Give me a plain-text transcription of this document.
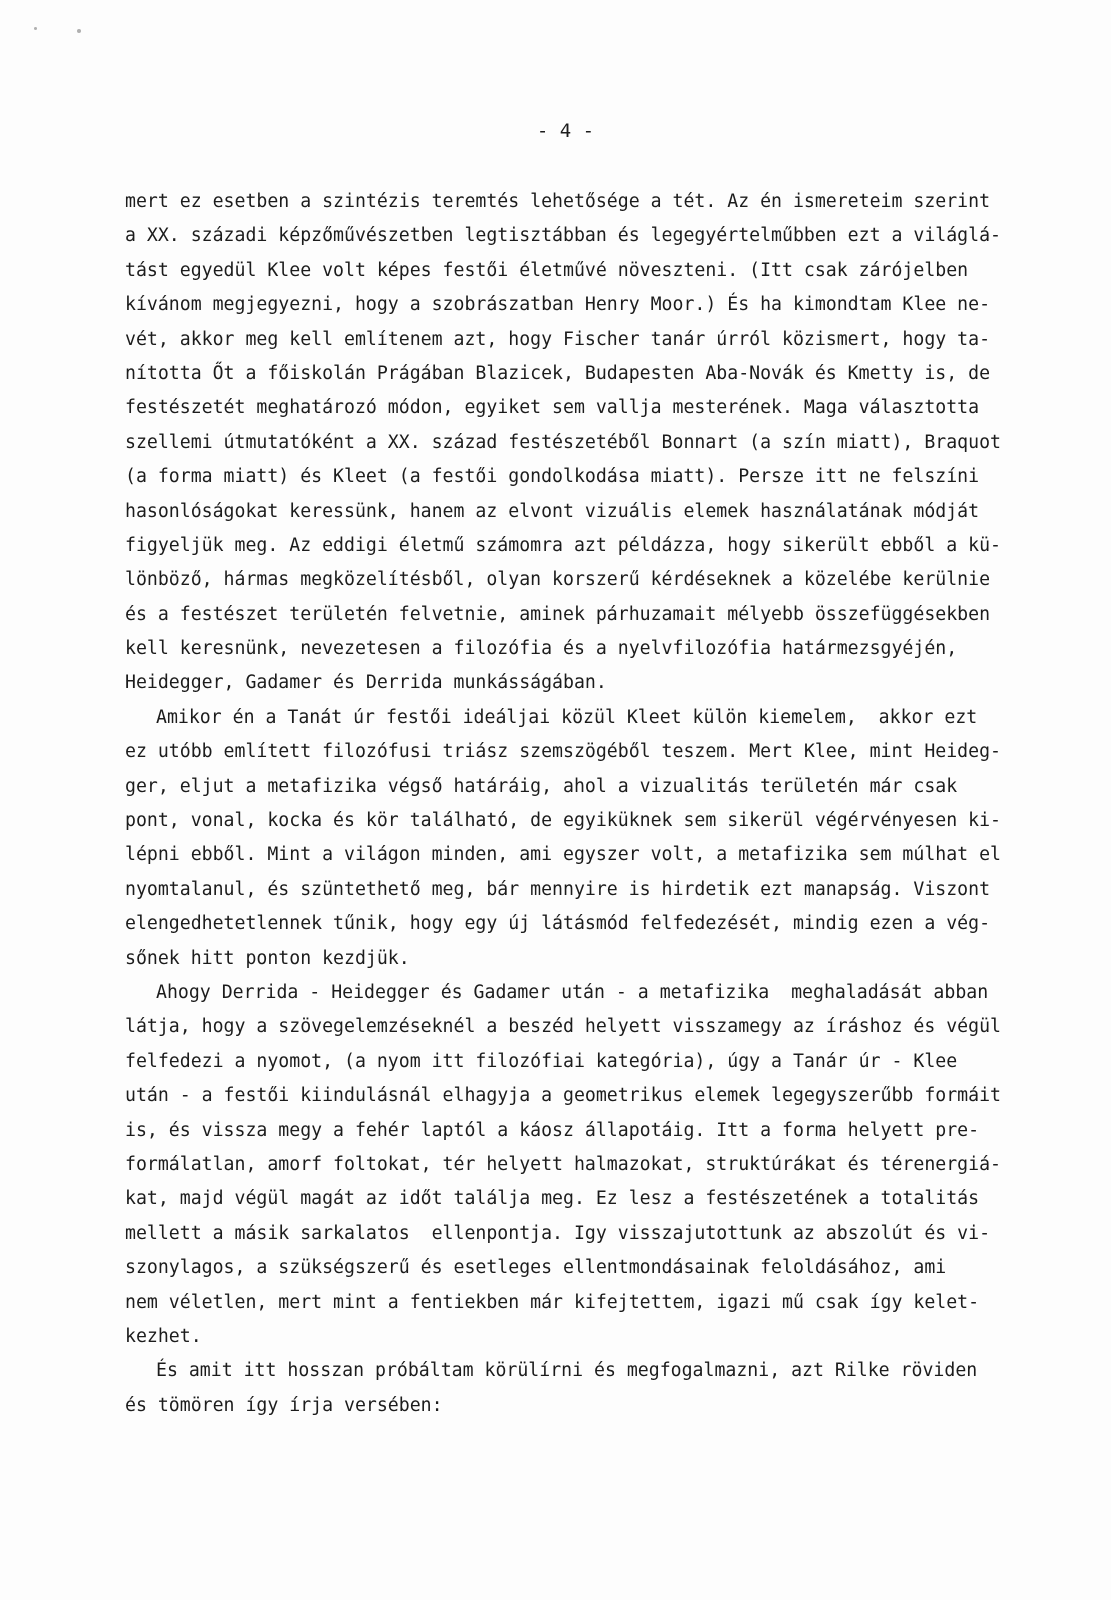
- 4 -
mert ez esetben a szintézis teremtés lehetősége a tét. Az én ismereteim szerint
a XX. századi képzőművészetben legtisztábban és legegyértelműbben ezt a világlá-
tást egyedül Klee volt képes festői életművé növeszteni. (Itt csak zárójelben
kívánom megjegyezni, hogy a szobrászatban Henry Moor.) És ha kimondtam Klee ne-
vét, akkor meg kell említenem azt, hogy Fischer tanár úrról közismert, hogy ta-
nította Őt a főiskolán Prágában Blazicek, Budapesten Aba-Novák és Kmetty is, de
festészetét meghatározó módon, egyiket sem vallja mesterének. Maga választotta
szellemi útmutatóként a XX. század festészetéből Bonnart (a szín miatt), Braquot
(a forma miatt) és Kleet (a festői gondolkodása miatt). Persze itt ne felszíni
hasonlóságokat keressünk, hanem az elvont vizuális elemek használatának módját
figyeljük meg. Az eddigi életmű számomra azt példázza, hogy sikerült ebből a kü-
lönböző, hármas megközelítésből, olyan korszerű kérdéseknek a közelébe kerülnie
és a festészet területén felvetnie, aminek párhuzamait mélyebb összefüggésekben
kell keresnünk, nevezetesen a filozófia és a nyelvfilozófia határmezsgyéjén,
Heidegger, Gadamer és Derrida munkásságában.
Amikor én a Tanát úr festői ideáljai közül Kleet külön kiemelem,  akkor ezt
ez utóbb említett filozófusi triász szemszögéből teszem. Mert Klee, mint Heideg-
ger, eljut a metafizika végső határáig, ahol a vizualitás területén már csak
pont, vonal, kocka és kör található, de egyiküknek sem sikerül végérvényesen ki-
lépni ebből. Mint a világon minden, ami egyszer volt, a metafizika sem múlhat el
nyomtalanul, és szüntethető meg, bár mennyire is hirdetik ezt manapság. Viszont
elengedhetetlennek tűnik, hogy egy új látásmód felfedezését, mindig ezen a vég-
sőnek hitt ponton kezdjük.
Ahogy Derrida - Heidegger és Gadamer után - a metafizika  meghaladását abban
látja, hogy a szövegelemzéseknél a beszéd helyett visszamegy az íráshoz és végül
felfedezi a nyomot, (a nyom itt filozófiai kategória), úgy a Tanár úr - Klee
után - a festői kiindulásnál elhagyja a geometrikus elemek legegyszerűbb formáit
is, és vissza megy a fehér laptól a káosz állapotáig. Itt a forma helyett pre-
formálatlan, amorf foltokat, tér helyett halmazokat, struktúrákat és térenergiá-
kat, majd végül magát az időt találja meg. Ez lesz a festészetének a totalitás
mellett a másik sarkalatos  ellenpontja. Igy visszajutottunk az abszolút és vi-
szonylagos, a szükségszerű és esetleges ellentmondásainak feloldásához, ami
nem véletlen, mert mint a fentiekben már kifejtettem, igazi mű csak így kelet-
kezhet.
És amit itt hosszan próbáltam körülírni és megfogalmazni, azt Rilke röviden
és tömören így írja versében:
